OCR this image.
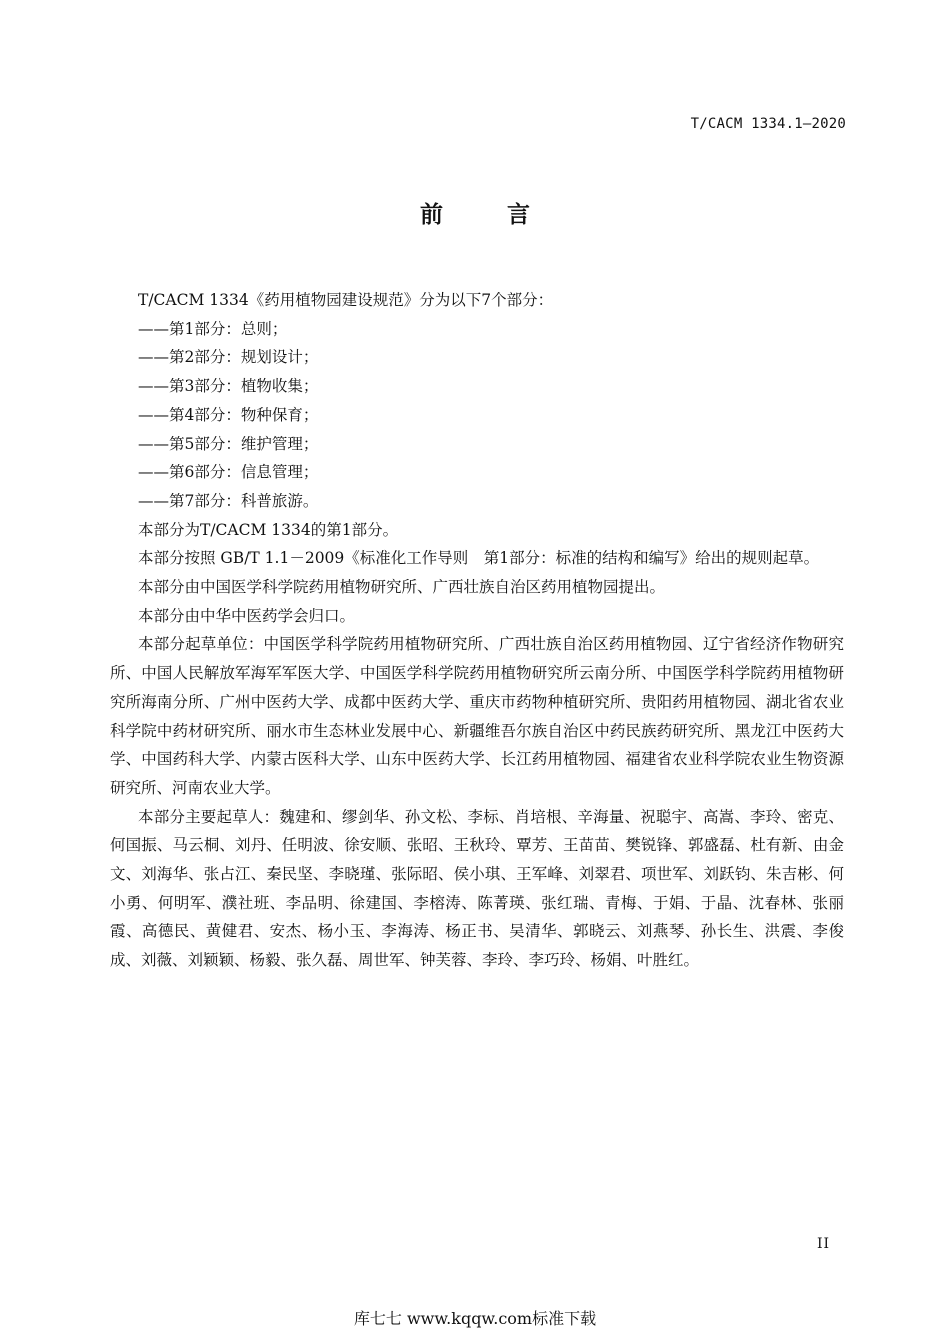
T/CACM 1334.1—2020
前 言

T/CACM 1334《药用植物园建设规范》分为以下7个部分：

——第1部分：总则；

——第2部分：规划设计；

——第3部分：植物收集；

——第4部分：物种保育；

——第5部分：维护管理；

——第6部分：信息管理；

——第7部分：科普旅游。

本部分为T/CACM 1334的第1部分。

本部分按照 GB/T 1.1－2009《标准化工作导则　第1部分：标准的结构和编写》给出的规则起草。

本部分由中国医学科学院药用植物研究所、广西壮族自治区药用植物园提出。

本部分由中华中医药学会归口。

本部分起草单位：中国医学科学院药用植物研究所、广西壮族自治区药用植物园、辽宁省经济作物研究所、中国人民解放军海军军医大学、中国医学科学院药用植物研究所云南分所、中国医学科学院药用植物研究所海南分所、广州中医药大学、成都中医药大学、重庆市药物种植研究所、贵阳药用植物园、湖北省农业科学院中药材研究所、丽水市生态林业发展中心、新疆维吾尔族自治区中药民族药研究所、黑龙江中医药大学、中国药科大学、内蒙古医科大学、山东中医药大学、长江药用植物园、福建省农业科学院农业生物资源研究所、河南农业大学。

本部分主要起草人：魏建和、缪剑华、孙文松、李标、肖培根、辛海量、祝聪宇、高嵩、李玲、密克、何国振、马云桐、刘丹、任明波、徐安顺、张昭、王秋玲、覃芳、王苗苗、樊锐锋、郭盛磊、杜有新、由金文、刘海华、张占江、秦民坚、李晓瑾、张际昭、侯小琪、王军峰、刘翠君、项世军、刘跃钧、朱吉彬、何小勇、何明军、濮社班、李品明、徐建国、李榕涛、陈菁瑛、张红瑞、青梅、于娟、于晶、沈春林、张丽霞、高德民、黄健君、安杰、杨小玉、李海涛、杨正书、吴清华、郭晓云、刘燕琴、孙长生、洪震、李俊成、刘薇、刘颖颖、杨毅、张久磊、周世军、钟芙蓉、李玲、李巧玲、杨娟、叶胜红。

II
库七七 www.kqqw.com标准下载
